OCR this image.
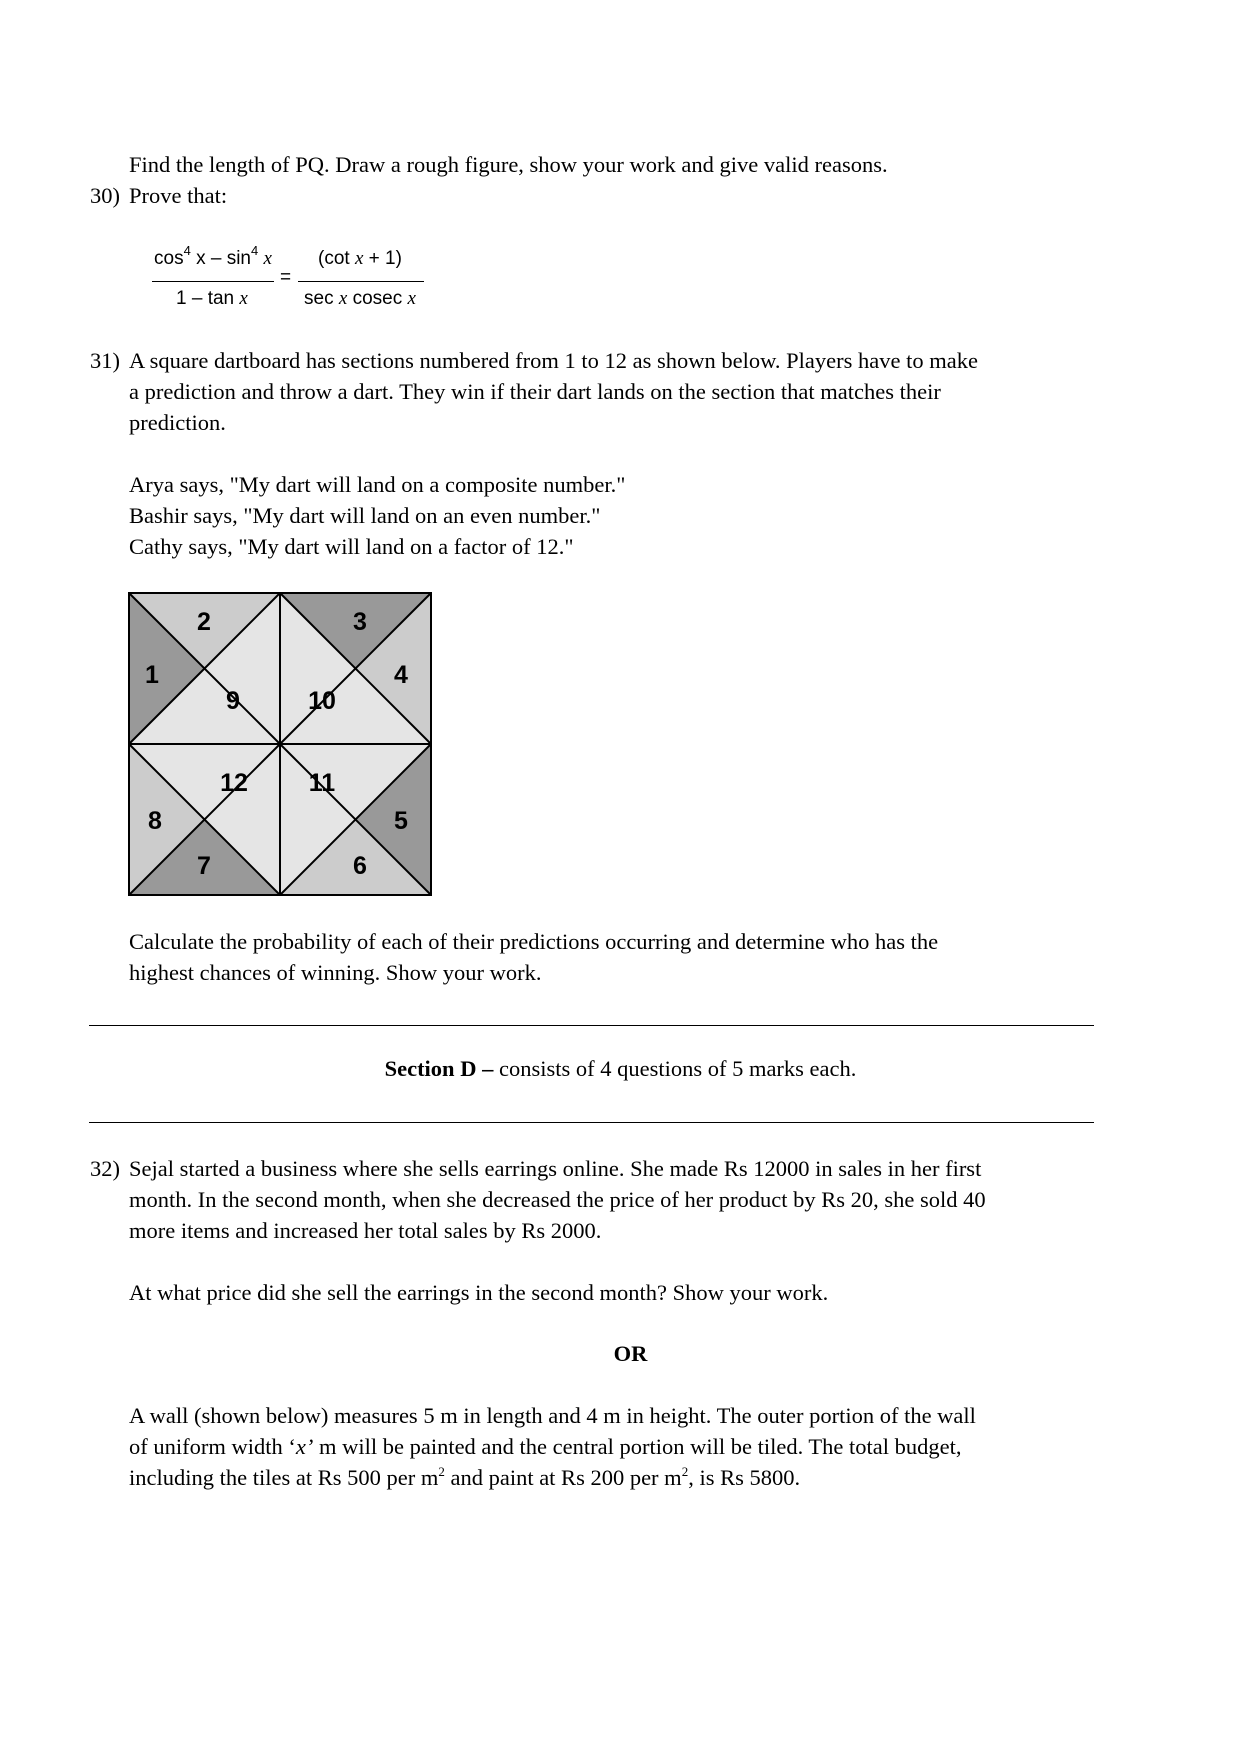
Find the length of PQ. Draw a rough figure, show your work and give valid reasons.
30) Prove that:
$\cos^4 x - \sin^4 x$
1 – tan x
=
(cot x + 1)
sec x cosec x
31) A square dartboard has sections numbered from 1 to 12 as shown below. Players have to make
a prediction and throw a dart. They win if their dart lands on the section that matches their
prediction.
Arya says, "My dart will land on a composite number."
Bashir says, "My dart will land on an even number."
Cathy says, "My dart will land on a factor of 12."
1
2	3
4
5
6
7
8
9	10
11
12
Calculate the probability of each of their predictions occurring and determine who has the
highest chances of winning. Show your work.
Section D – consists of 4 questions of 5 marks each.
32) Sejal started a business where she sells earrings online. She made Rs 12000 in sales in her first
month. In the second month, when she decreased the price of her product by Rs 20, she sold 40
more items and increased her total sales by Rs 2000.
At what price did she sell the earrings in the second month? Show your work.
OR
A wall (shown below) measures 5 m in length and 4 m in height. The outer portion of the wall
of uniform width ‘x’ m will be painted and the central portion will be tiled. The total budget,
including the tiles at Rs 500 per $m^2$ and paint at Rs 200 per $m^2$, is Rs 5800.
